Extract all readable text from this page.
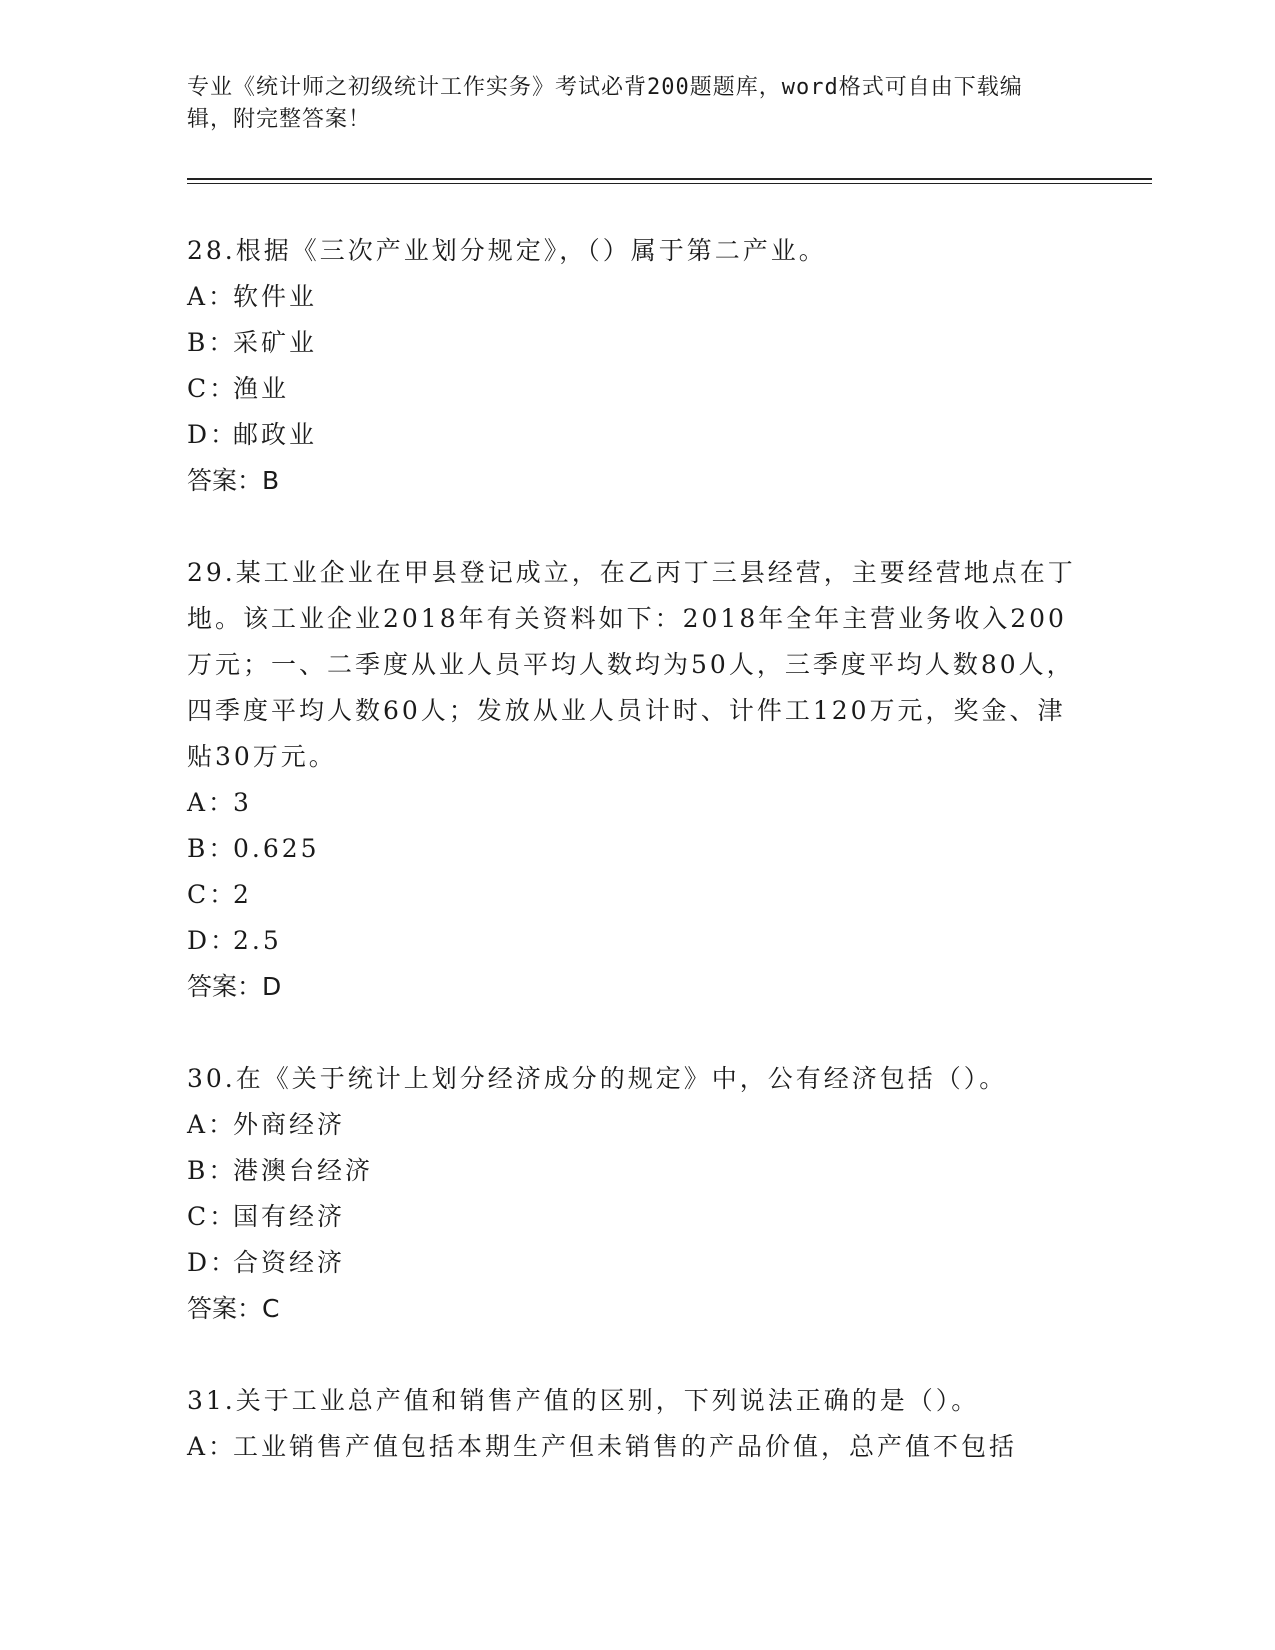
专业《统计师之初级统计工作实务》考试必背200题题库，word格式可自由下载编辑，附完整答案！

28.根据《三次产业划分规定》，（）属于第二产业。

A：软件业

B：采矿业

C：渔业

D：邮政业

答案：B

29.某工业企业在甲县登记成立，在乙丙丁三县经营，主要经营地点在丁地。该工业企业2018年有关资料如下：2018年全年主营业务收入200万元；一、二季度从业人员平均人数均为50人，三季度平均人数80人，四季度平均人数60人；发放从业人员计时、计件工120万元，奖金、津贴30万元。

A：3

B：0.625

C：2

D：2.5

答案：D

30.在《关于统计上划分经济成分的规定》中，公有经济包括（）。

A：外商经济

B：港澳台经济

C：国有经济

D：合资经济

答案：C

31.关于工业总产值和销售产值的区别，下列说法正确的是（）。

A：工业销售产值包括本期生产但未销售的产品价值，总产值不包括
